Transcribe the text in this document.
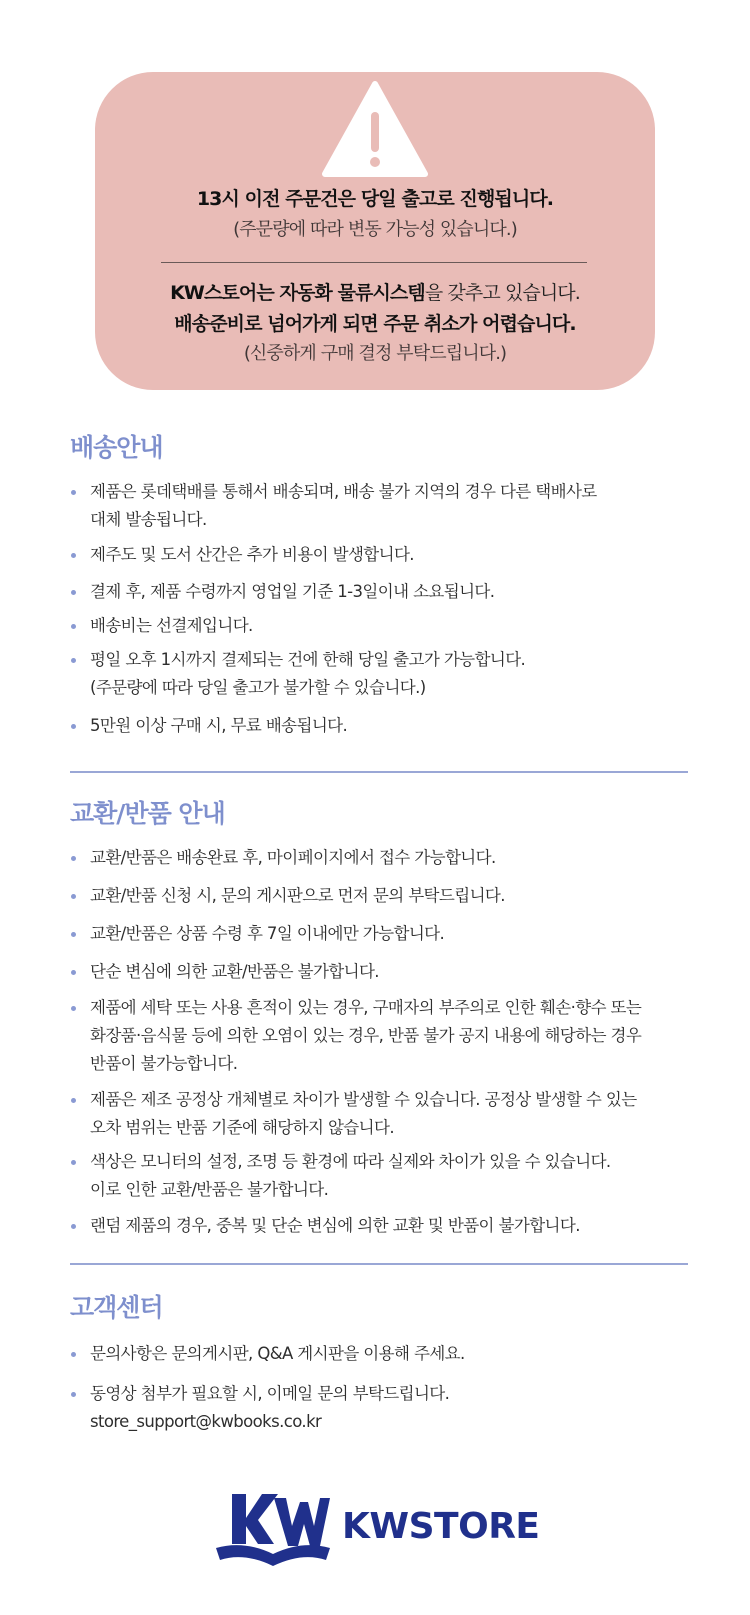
13시 이전 주문건은 당일 출고로 진행됩니다.
(주문량에 따라 변동 가능성 있습니다.)
KW스토어는 자동화 물류시스템을 갖추고 있습니다.
배송준비로 넘어가게 되면 주문 취소가 어렵습니다.
(신중하게 구매 결정 부탁드립니다.)
배송안내
제품은 롯데택배를 통해서 배송되며, 배송 불가 지역의 경우 다른 택배사로
대체 발송됩니다.
제주도 및 도서 산간은 추가 비용이 발생합니다.
결제 후, 제품 수령까지 영업일 기준 1-3일이내 소요됩니다.
배송비는 선결제입니다.
평일 오후 1시까지 결제되는 건에 한해 당일 출고가 가능합니다.
(주문량에 따라 당일 출고가 불가할 수 있습니다.)
5만원 이상 구매 시, 무료 배송됩니다.
교환/반품 안내
교환/반품은 배송완료 후, 마이페이지에서 접수 가능합니다.
교환/반품 신청 시, 문의 게시판으로 먼저 문의 부탁드립니다.
교환/반품은 상품 수령 후 7일 이내에만 가능합니다.
단순 변심에 의한 교환/반품은 불가합니다.
제품에 세탁 또는 사용 흔적이 있는 경우, 구매자의 부주의로 인한 훼손·향수 또는
화장품·음식물 등에 의한 오염이 있는 경우, 반품 불가 공지 내용에 해당하는 경우
반품이 불가능합니다.
제품은 제조 공정상 개체별로 차이가 발생할 수 있습니다. 공정상 발생할 수 있는
오차 범위는 반품 기준에 해당하지 않습니다.
색상은 모니터의 설정, 조명 등 환경에 따라 실제와 차이가 있을 수 있습니다.
이로 인한 교환/반품은 불가합니다.
랜덤 제품의 경우, 중복 및 단순 변심에 의한 교환 및 반품이 불가합니다.
고객센터
문의사항은 문의게시판, Q&A 게시판을 이용해 주세요.
동영상 첨부가 필요할 시, 이메일 문의 부탁드립니다.
store_support@kwbooks.co.kr
KWSTORE
